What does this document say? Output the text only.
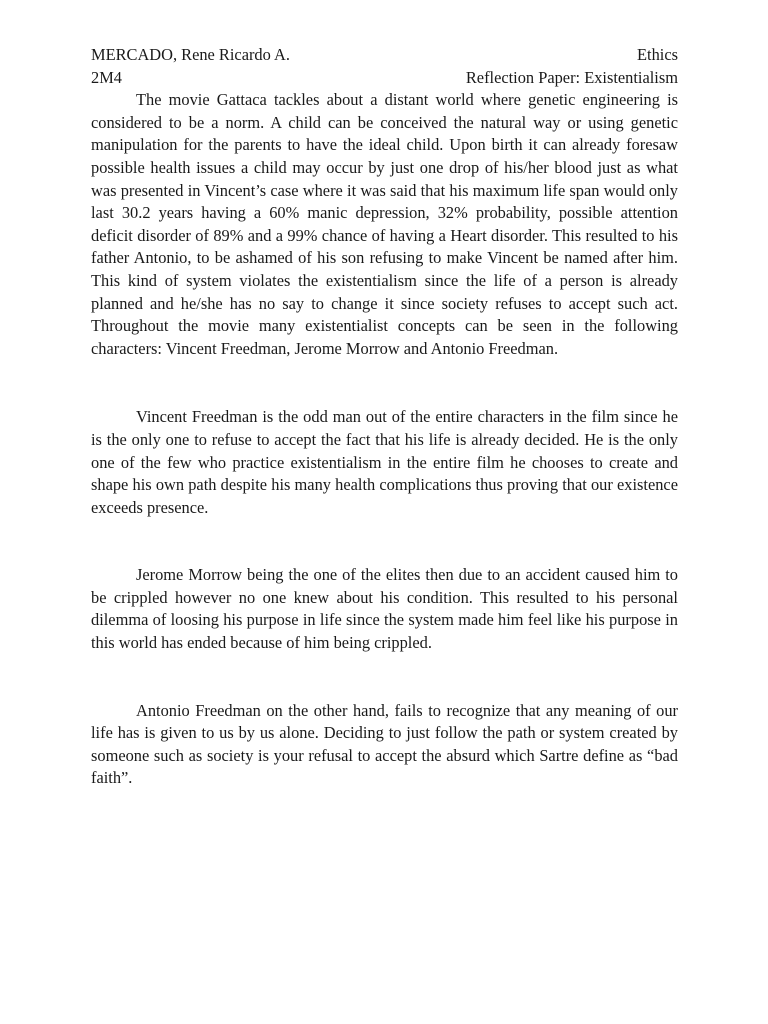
MERCADO, Rene Ricardo A.	Ethics
2M4	Reflection Paper: Existentialism

The movie Gattaca tackles about a distant world where genetic engineering is considered to be a norm. A child can be conceived the natural way or using genetic manipulation for the parents to have the ideal child. Upon birth it can already foresaw possible health issues a child may occur by just one drop of his/her blood just as what was presented in Vincent’s case where it was said that his maximum life span would only last 30.2 years having a 60% manic depression, 32% probability, possible attention deficit disorder of 89% and a 99% chance of having a Heart disorder. This resulted to his father Antonio, to be ashamed of his son refusing to make Vincent be named after him. This kind of system violates the existentialism since the life of a person is already planned and he/she has no say to change it since society refuses to accept such act. Throughout the movie many existentialist concepts can be seen in the following characters: Vincent Freedman, Jerome Morrow and Antonio Freedman.

Vincent Freedman is the odd man out of the entire characters in the film since he is the only one to refuse to accept the fact that his life is already decided. He is the only one of the few who practice existentialism in the entire film he chooses to create and shape his own path despite his many health complications thus proving that our existence exceeds presence.

Jerome Morrow being the one of the elites then due to an accident caused him to be crippled however no one knew about his condition. This resulted to his personal dilemma of loosing his purpose in life since the system made him feel like his purpose in this world has ended because of him being crippled.

Antonio Freedman on the other hand, fails to recognize that any meaning of our life has is given to us by us alone. Deciding to just follow the path or system created by someone such as society is your refusal to accept the absurd which Sartre define as “bad faith”.
